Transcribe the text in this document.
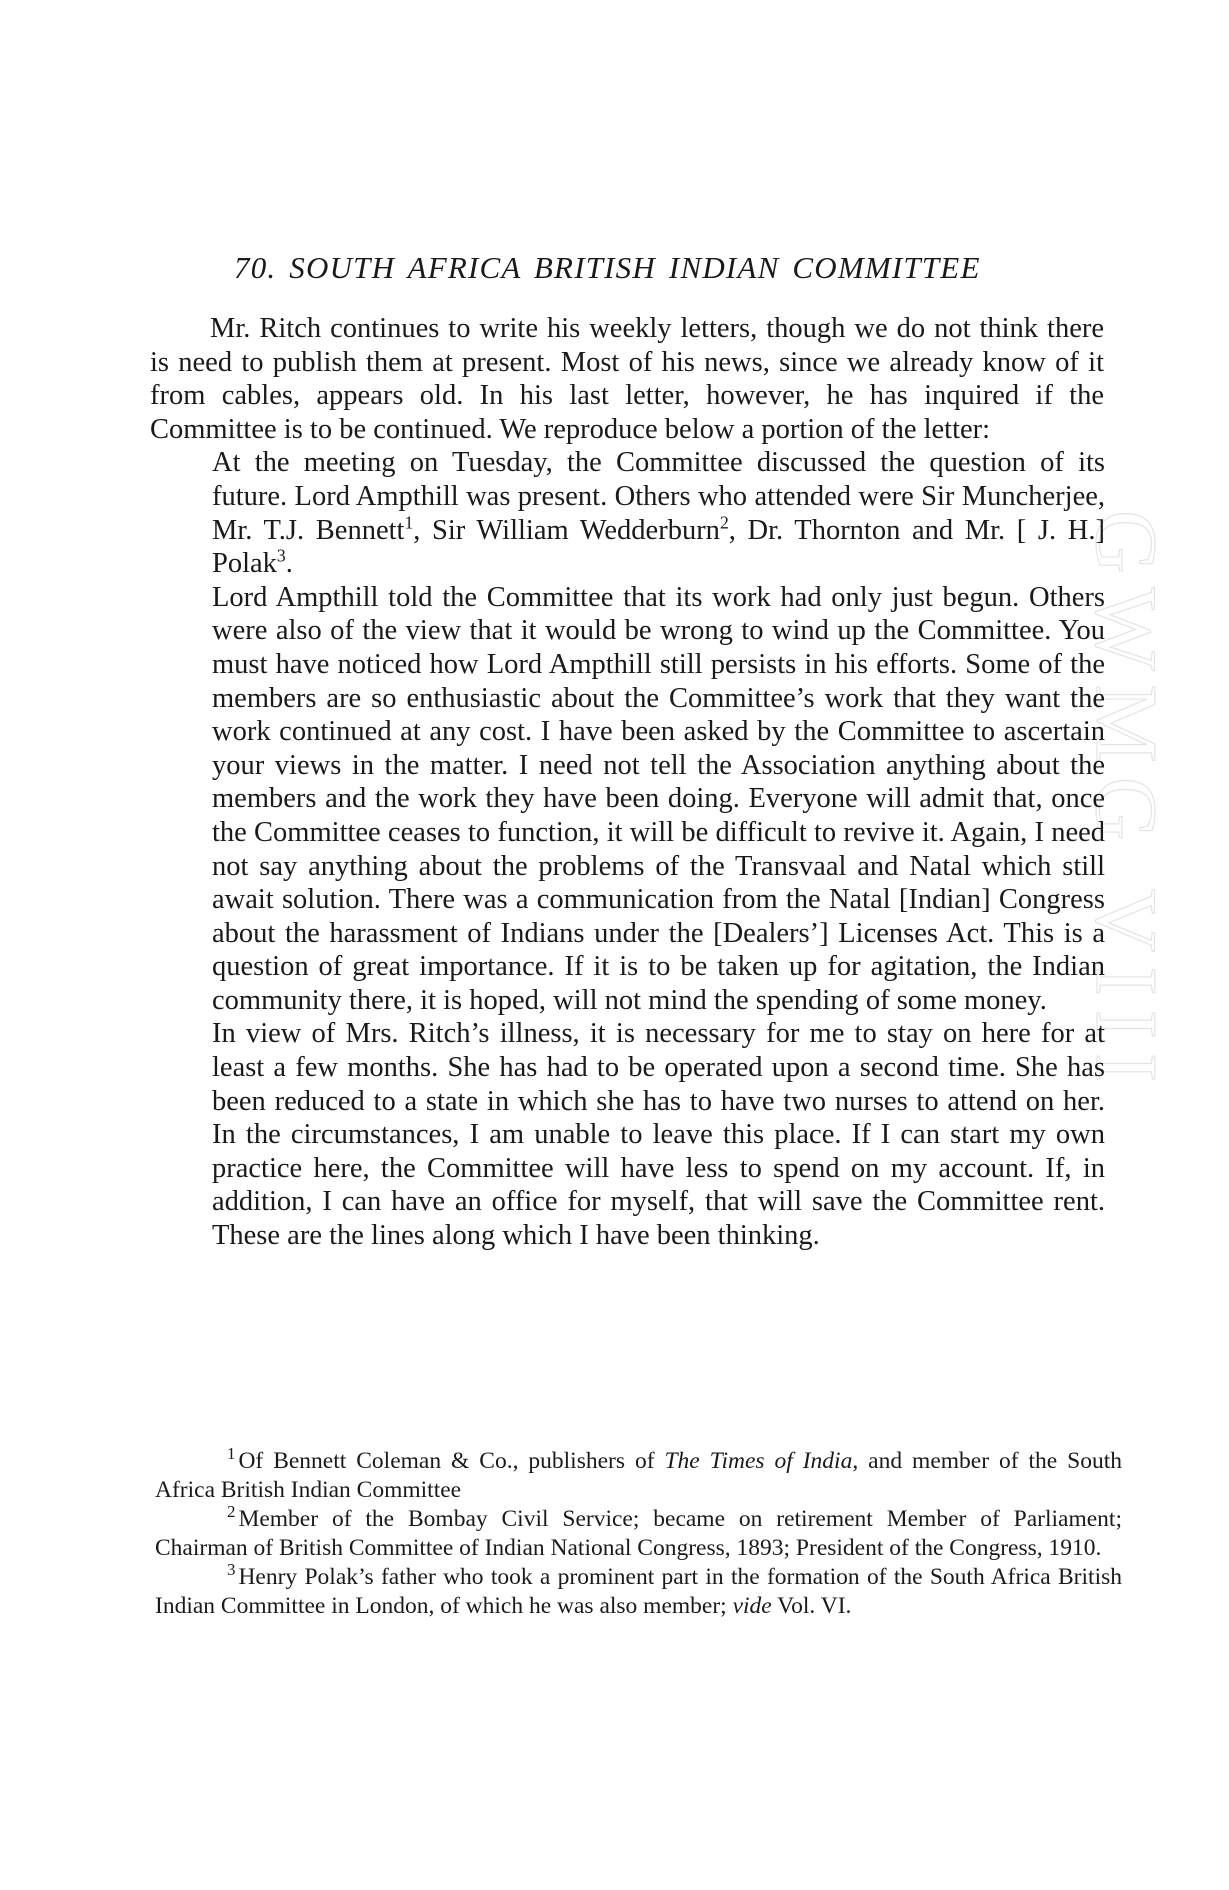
GWMG VIII
70. SOUTH AFRICA BRITISH INDIAN COMMITTEE

Mr. Ritch continues to write his weekly letters, though we do not think there is need to publish them at present. Most of his news, since we already know of it from cables, appears old. In his last letter, however, he has inquired if the Committee is to be continued. We reproduce below a portion of the letter:

At the meeting on Tuesday, the Committee discussed the question of its future. Lord Ampthill was present. Others who attended were Sir Muncherjee, Mr. T.J. Bennett$^1$, Sir William Wedderburn$^2$, Dr. Thornton and Mr. [ J. H.] Polak$^3$.

Lord Ampthill told the Committee that its work had only just begun. Others were also of the view that it would be wrong to wind up the Committee. You must have noticed how Lord Ampthill still persists in his efforts. Some of the members are so enthusiastic about the Committee’s work that they want the work continued at any cost. I have been asked by the Committee to ascertain your views in the matter. I need not tell the Association anything about the members and the work they have been doing. Everyone will admit that, once the Committee ceases to function, it will be difficult to revive it. Again, I need not say anything about the problems of the Transvaal and Natal which still await solution. There was a communication from the Natal [Indian] Congress about the harassment of Indians under the [Dealers’] Licenses Act. This is a question of great importance. If it is to be taken up for agitation, the Indian community there, it is hoped, will not mind the spending of some money.

In view of Mrs. Ritch’s illness, it is necessary for me to stay on here for at least a few months. She has had to be operated upon a second time. She has been reduced to a state in which she has to have two nurses to attend on her. In the circumstances, I am unable to leave this place. If I can start my own practice here, the Committee will have less to spend on my account. If, in addition, I can have an office for myself, that will save the Committee rent. These are the lines along which I have been thinking.

$^1$ Of Bennett Coleman & Co., publishers of The Times of India, and member of the South Africa British Indian Committee

$^2$ Member of the Bombay Civil Service; became on retirement Member of Parliament; Chairman of British Committee of Indian National Congress, 1893; President of the Congress, 1910.

$^3$ Henry Polak’s father who took a prominent part in the formation of the South Africa British Indian Committee in London, of which he was also member; vide Vol. VI.
